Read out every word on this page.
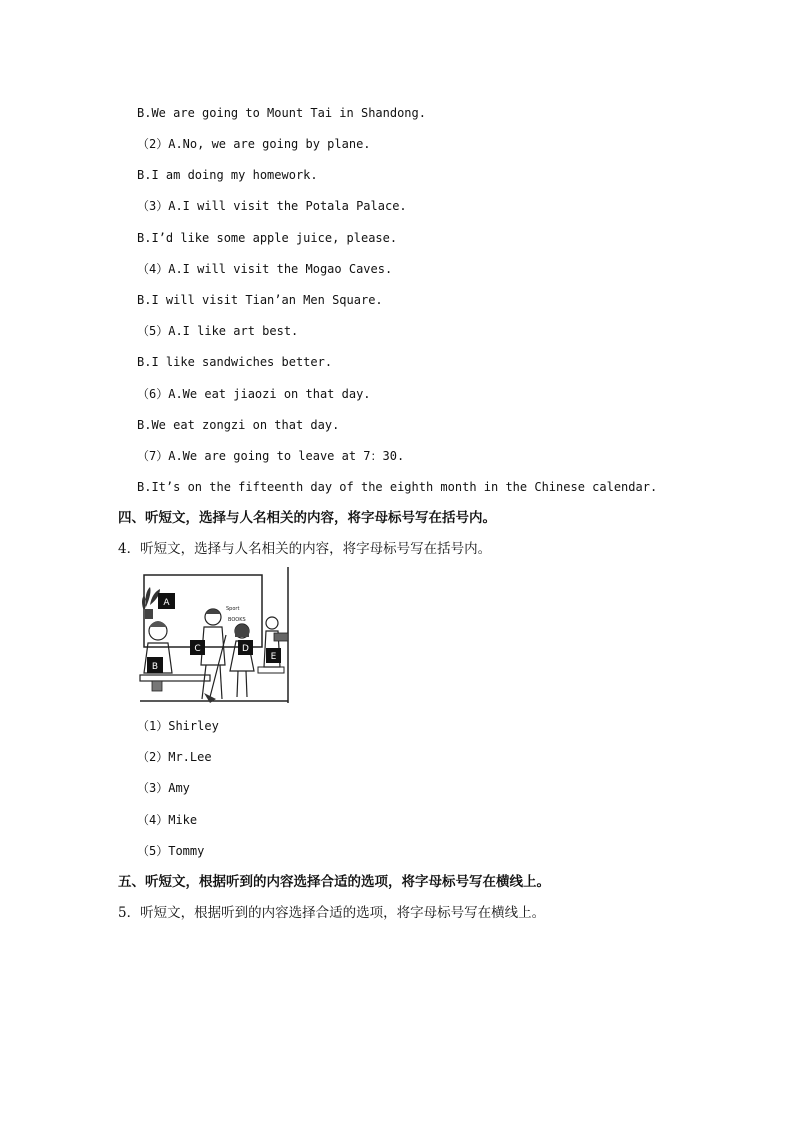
B.We are going to Mount Tai in Shandong.
（2）A.No, we are going by plane.
B.I am doing my homework.
（3）A.I will visit the Potala Palace.
B.I’d like some apple juice, please.
（4）A.I will visit the Mogao Caves.
B.I will visit Tian’an Men Square.
（5）A.I like art best.
B.I like sandwiches better.
（6）A.We eat jiaozi on that day.
B.We eat zongzi on that day.
（7）A.We are going to leave at 7：30.
B.It’s on the fifteenth day of the eighth month in the Chinese calendar.
四、听短文，选择与人名相关的内容，将字母标号写在括号内。
4．听短文，选择与人名相关的内容，将字母标号写在括号内。
Sport
BOOKS
A
B
C	D
E
（1）Shirley
（2）Mr.Lee
（3）Amy
（4）Mike
（5）Tommy
五、听短文，根据听到的内容选择合适的选项，将字母标号写在横线上。
5．听短文，根据听到的内容选择合适的选项，将字母标号写在横线上。
